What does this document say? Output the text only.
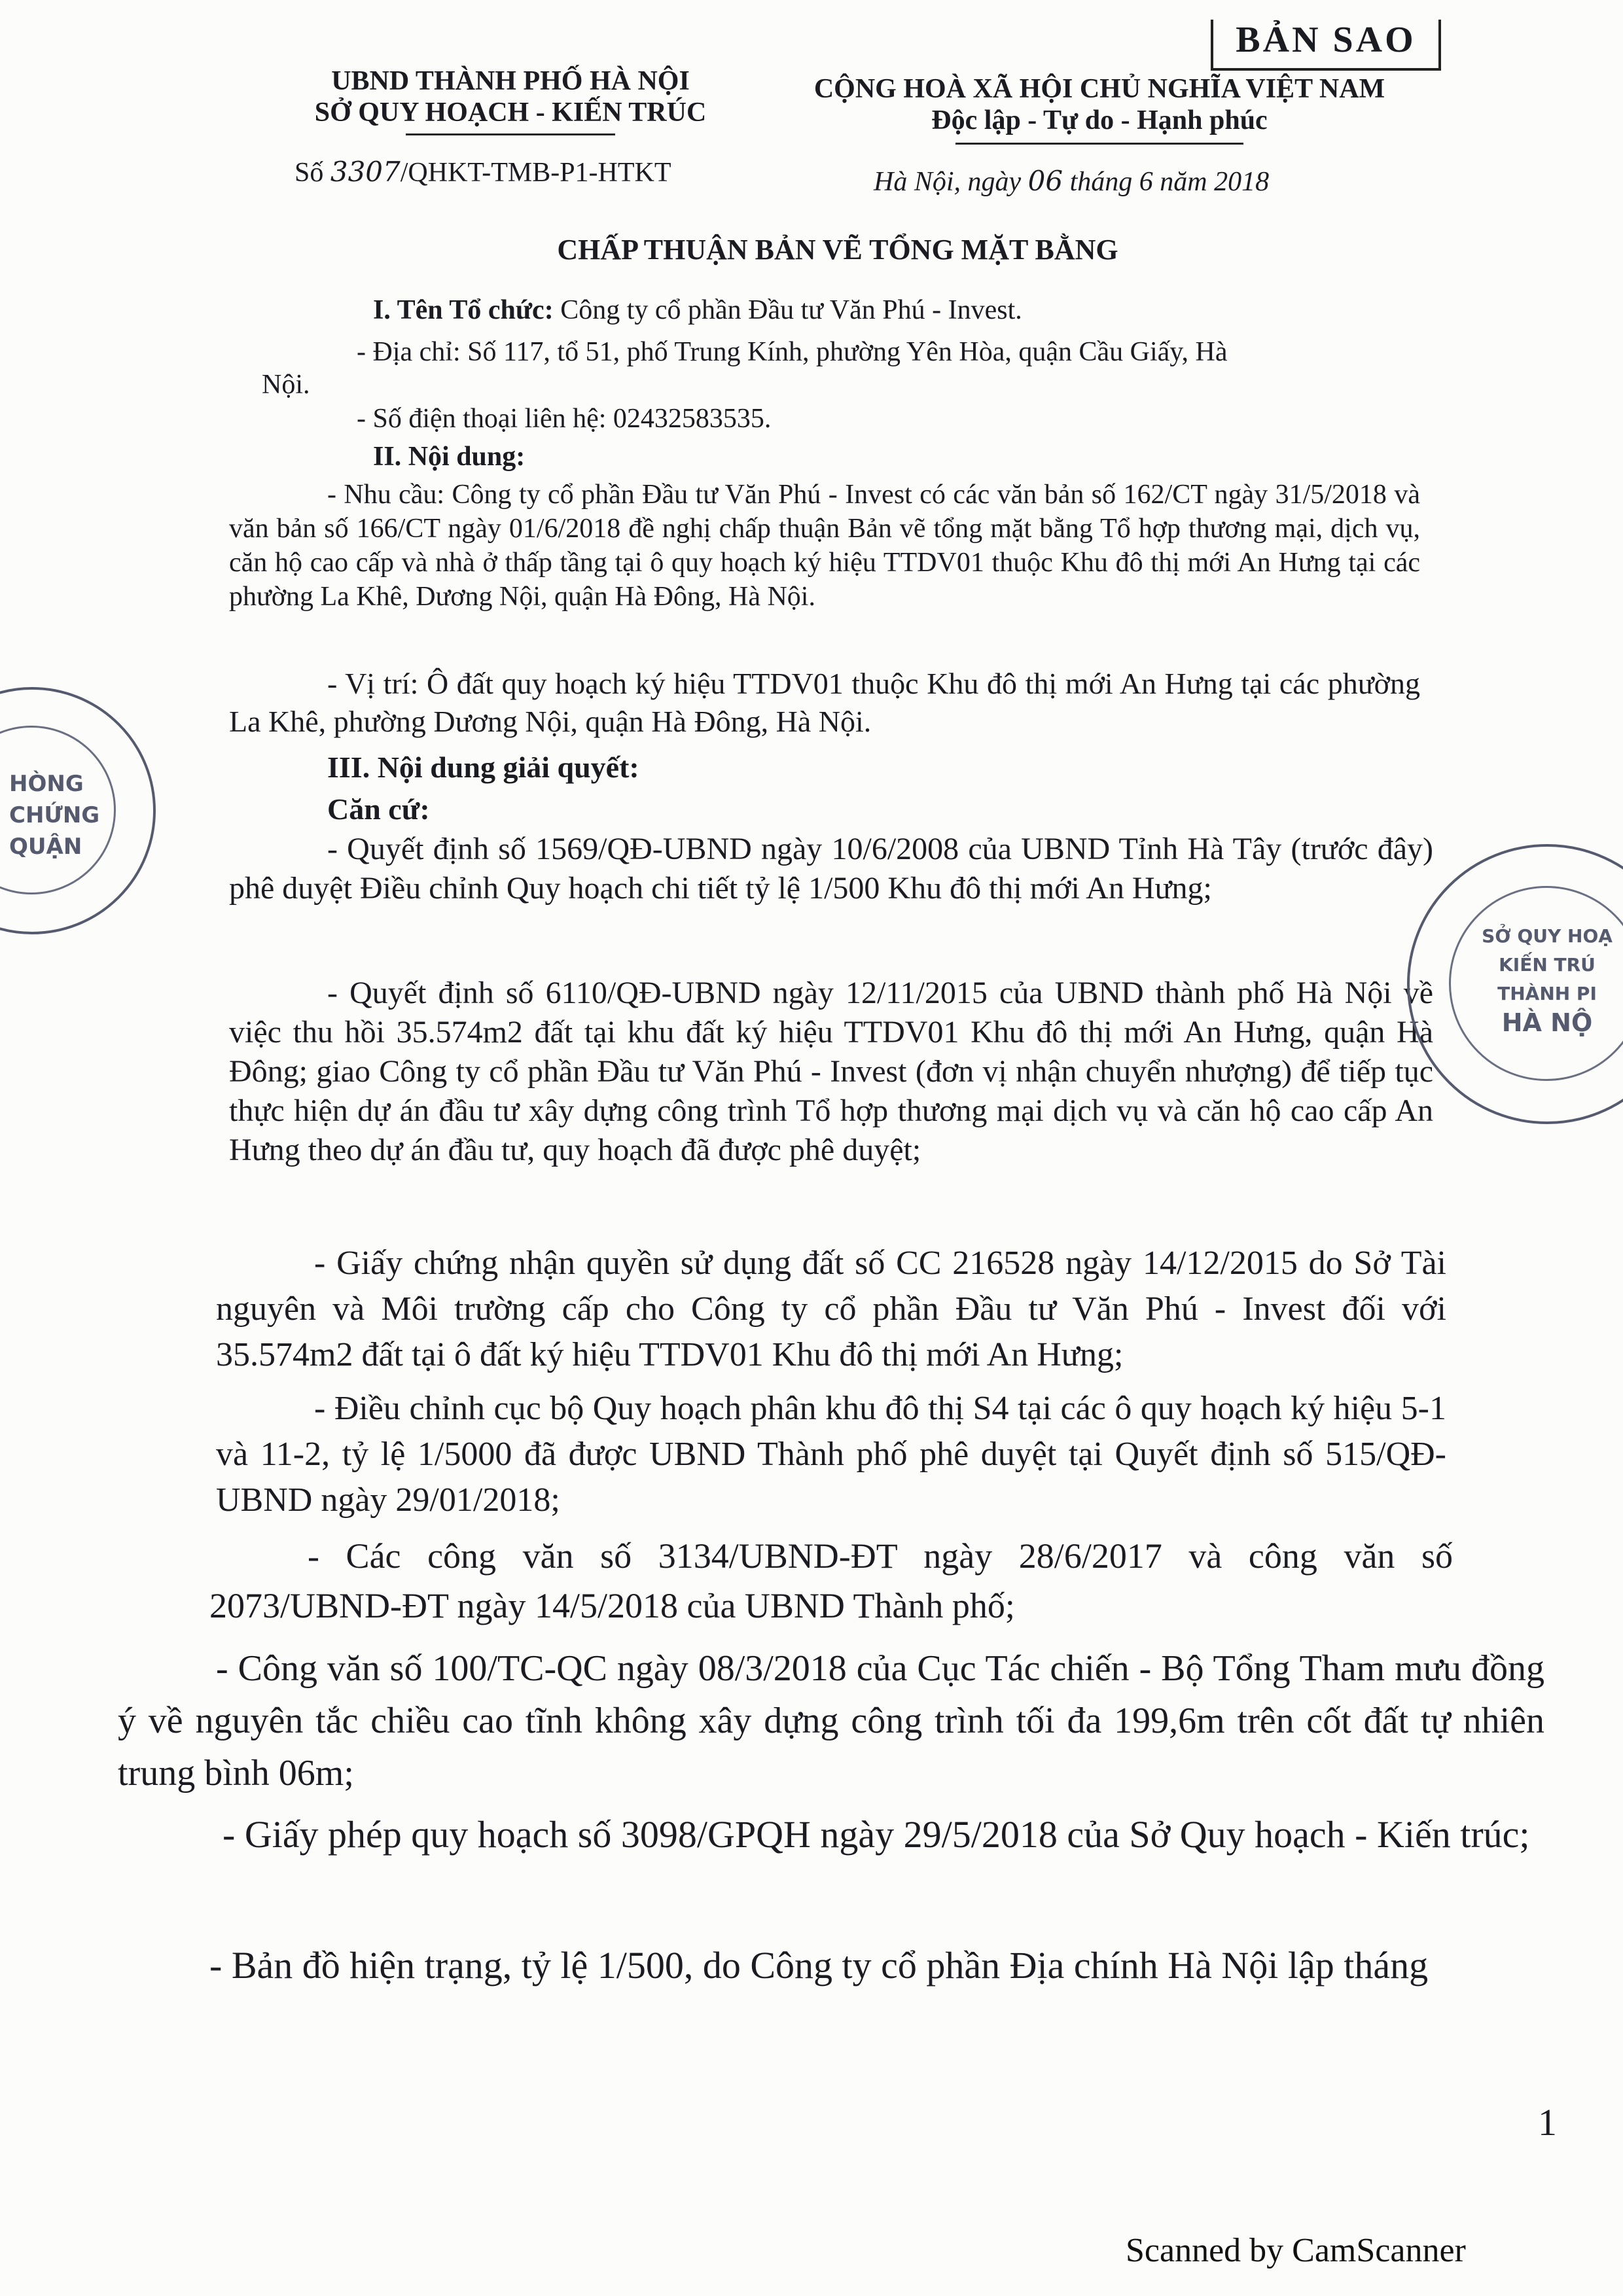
BẢN SAO
UBND THÀNH PHỐ HÀ NỘI
SỞ QUY HOẠCH - KIẾN TRÚC
Số 3307/QHKT-TMB-P1-HTKT
CỘNG HOÀ XÃ HỘI CHỦ NGHĨA VIỆT NAM
Độc lập - Tự do - Hạnh phúc
Hà Nội, ngày 06 tháng 6 năm 2018
CHẤP THUẬN BẢN VẼ TỔNG MẶT BẰNG
I. Tên Tổ chức: Công ty cổ phần Đầu tư Văn Phú - Invest.
- Địa chỉ: Số 117, tổ 51, phố Trung Kính, phường Yên Hòa, quận Cầu Giấy, Hà
Nội.
- Số điện thoại liên hệ: 02432583535.
II. Nội dung:
- Nhu cầu: Công ty cổ phần Đầu tư Văn Phú - Invest có các văn bản số 162/CT ngày 31/5/2018 và văn bản số 166/CT ngày 01/6/2018 đề nghị chấp thuận Bản vẽ tổng mặt bằng Tổ hợp thương mại, dịch vụ, căn hộ cao cấp và nhà ở thấp tầng tại ô quy hoạch ký hiệu TTDV01 thuộc Khu đô thị mới An Hưng tại các phường La Khê, Dương Nội, quận Hà Đông, Hà Nội.
- Vị trí: Ô đất quy hoạch ký hiệu TTDV01 thuộc Khu đô thị mới An Hưng tại các phường La Khê, phường Dương Nội, quận Hà Đông, Hà Nội.
III. Nội dung giải quyết:
Căn cứ:
- Quyết định số 1569/QĐ-UBND ngày 10/6/2008 của UBND Tỉnh Hà Tây (trước đây) phê duyệt Điều chỉnh Quy hoạch chi tiết tỷ lệ 1/500 Khu đô thị mới An Hưng;
- Quyết định số 6110/QĐ-UBND ngày 12/11/2015 của UBND thành phố Hà Nội về việc thu hồi 35.574m2 đất tại khu đất ký hiệu TTDV01 Khu đô thị mới An Hưng, quận Hà Đông; giao Công ty cổ phần Đầu tư Văn Phú - Invest (đơn vị nhận chuyển nhượng) để tiếp tục thực hiện dự án đầu tư xây dựng công trình Tổ hợp thương mại dịch vụ và căn hộ cao cấp An Hưng theo dự án đầu tư, quy hoạch đã được phê duyệt;
- Giấy chứng nhận quyền sử dụng đất số CC 216528 ngày 14/12/2015 do Sở Tài nguyên và Môi trường cấp cho Công ty cổ phần Đầu tư Văn Phú - Invest đối với 35.574m2 đất tại ô đất ký hiệu TTDV01 Khu đô thị mới An Hưng;
- Điều chỉnh cục bộ Quy hoạch phân khu đô thị S4 tại các ô quy hoạch ký hiệu 5-1 và 11-2, tỷ lệ 1/5000 đã được UBND Thành phố phê duyệt tại Quyết định số 515/QĐ-UBND ngày 29/01/2018;
- Các công văn số 3134/UBND-ĐT ngày 28/6/2017 và công văn số 2073/UBND-ĐT ngày 14/5/2018 của UBND Thành phố;
- Công văn số 100/TC-QC ngày 08/3/2018 của Cục Tác chiến - Bộ Tổng Tham mưu đồng ý về nguyên tắc chiều cao tĩnh không xây dựng công trình tối đa 199,6m trên cốt đất tự nhiên trung bình 06m;
- Giấy phép quy hoạch số 3098/GPQH ngày 29/5/2018 của Sở Quy hoạch - Kiến trúc;
- Bản đồ hiện trạng, tỷ lệ 1/500, do Công ty cổ phần Địa chính Hà Nội lập tháng
HÒNG
CHỨNG
QUẬN
SỞ QUY HOẠ
KIẾN TRÚ
THÀNH PI
HÀ NỘ
1
Scanned by CamScanner
